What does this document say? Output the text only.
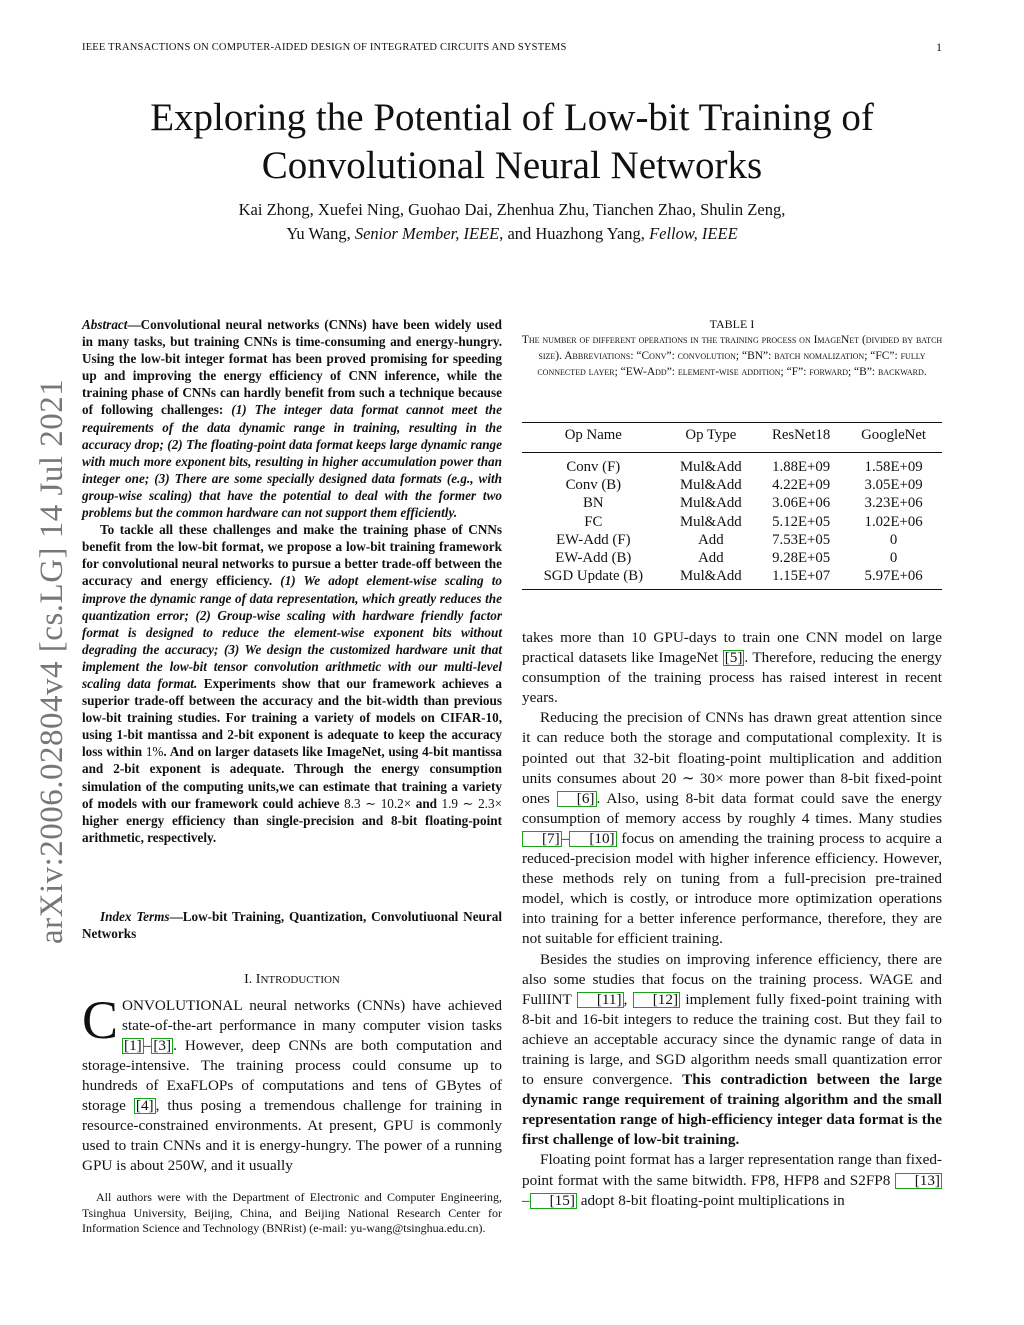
IEEE TRANSACTIONS ON COMPUTER-AIDED DESIGN OF INTEGRATED CIRCUITS AND SYSTEMS	1
Exploring the Potential of Low-bit Training of
Convolutional Neural Networks
Kai Zhong, Xuefei Ning, Guohao Dai, Zhenhua Zhu, Tianchen Zhao, Shulin Zeng,
Yu Wang, Senior Member, IEEE, and Huazhong Yang, Fellow, IEEE
arXiv:2006.02804v4 [cs.LG] 14 Jul 2021

Abstract—Convolutional neural networks (CNNs) have been widely used in many tasks, but training CNNs is time-consuming and energy-hungry. Using the low-bit integer format has been proved promising for speeding up and improving the energy efficiency of CNN inference, while the training phase of CNNs can hardly benefit from such a technique because of following challenges: (1) The integer data format cannot meet the requirements of the data dynamic range in training, resulting in the accuracy drop; (2) The floating-point data format keeps large dynamic range with much more exponent bits, resulting in higher accumulation power than integer one; (3) There are some specially designed data formats (e.g., with group-wise scaling) that have the potential to deal with the former two problems but the common hardware can not support them efficiently.

To tackle all these challenges and make the training phase of CNNs benefit from the low-bit format, we propose a low-bit training framework for convolutional neural networks to pursue a better trade-off between the accuracy and energy efficiency. (1) We adopt element-wise scaling to improve the dynamic range of data representation, which greatly reduces the quantization error; (2) Group-wise scaling with hardware friendly factor format is designed to reduce the element-wise exponent bits without degrading the accuracy; (3) We design the customized hardware unit that implement the low-bit tensor convolution arithmetic with our multi-level scaling data format. Experiments show that our framework achieves a superior trade-off between the accuracy and the bit-width than previous low-bit training studies. For training a variety of models on CIFAR-10, using 1-bit mantissa and 2-bit exponent is adequate to keep the accuracy loss within 1%. And on larger datasets like ImageNet, using 4-bit mantissa and 2-bit exponent is adequate. Through the energy consumption simulation of the computing units,we can estimate that training a variety of models with our framework could achieve 8.3 ∼ 10.2× and 1.9 ∼ 2.3× higher energy efficiency than single-precision and 8-bit floating-point arithmetic, respectively.

Index Terms—Low-bit Training, Quantization, Convolutiuonal Neural Networks
I. INTRODUCTION
CONVOLUTIONAL neural networks (CNNs) have achieved state-of-the-art performance in many computer vision tasks [1] – [3] . However, deep CNNs are both computation and storage-intensive. The training process could consume up to hundreds of ExaFLOPs of computations and tens of GBytes of storage [4] , thus posing a tremendous challenge for training in resource-constrained environments. At present, GPU is commonly used to train CNNs and it is energy-hungry. The power of a running GPU is about 250W, and it usually
All authors were with the Department of Electronic and Computer Engineering, Tsinghua University, Beijing, China, and Beijing National Research Center for Information Science and Technology (BNRist) (e-mail: yu-wang@tsinghua.edu.cn).
TABLE I
The number of different operations in the training process on ImageNet (divided by batch size). Abbreviations: “Conv”: convolution; “BN”: batch nomalization; “FC”: fully connected layer; “EW-Add”: element-wise addition; “F”: forward; “B”: backward.
Op Name	Op Type	ResNet18	GoogleNet
Conv (F)	Mul&Add	1.88E+09	1.58E+09
Conv (B)	Mul&Add	4.22E+09	3.05E+09
BN	Mul&Add	3.06E+06	3.23E+06
FC	Mul&Add	5.12E+05	1.02E+06
EW-Add (F)	Add	7.53E+05	0
EW-Add (B)	Add	9.28E+05	0
SGD Update (B)	Mul&Add	1.15E+07	5.97E+06

takes more than 10 GPU-days to train one CNN model on large practical datasets like ImageNet [5] . Therefore, reducing the energy consumption of the training process has raised interest in recent years.

Reducing the precision of CNNs has drawn great attention since it can reduce both the storage and computational complexity. It is pointed out that 32-bit floating-point multiplication and addition units consumes about 20 ∼ 30× more power than 8-bit fixed-point ones [6] . Also, using 8-bit data format could save the energy consumption of memory access by roughly 4 times. Many studies [7] – [10] focus on amending the training process to acquire a reduced-precision model with higher inference efficiency. However, these methods rely on tuning from a full-precision pre-trained model, which is costly, or introduce more optimization operations into training for a better inference performance, therefore, they are not suitable for efficient training.

Besides the studies on improving inference efficiency, there are also some studies that focus on the training process. WAGE and FullINT [11] , [12] implement fully fixed-point training with 8-bit and 16-bit integers to reduce the training cost. But they fail to achieve an acceptable accuracy since the dynamic range of data in training is large, and SGD algorithm needs small quantization error to ensure convergence. This contradiction between the large dynamic range requirement of training algorithm and the small representation range of high-efficiency integer data format is the first challenge of low-bit training.

Floating point format has a larger representation range than fixed-point format with the same bitwidth. FP8, HFP8 and S2FP8 [13]– [15] adopt 8-bit floating-point multiplications in
